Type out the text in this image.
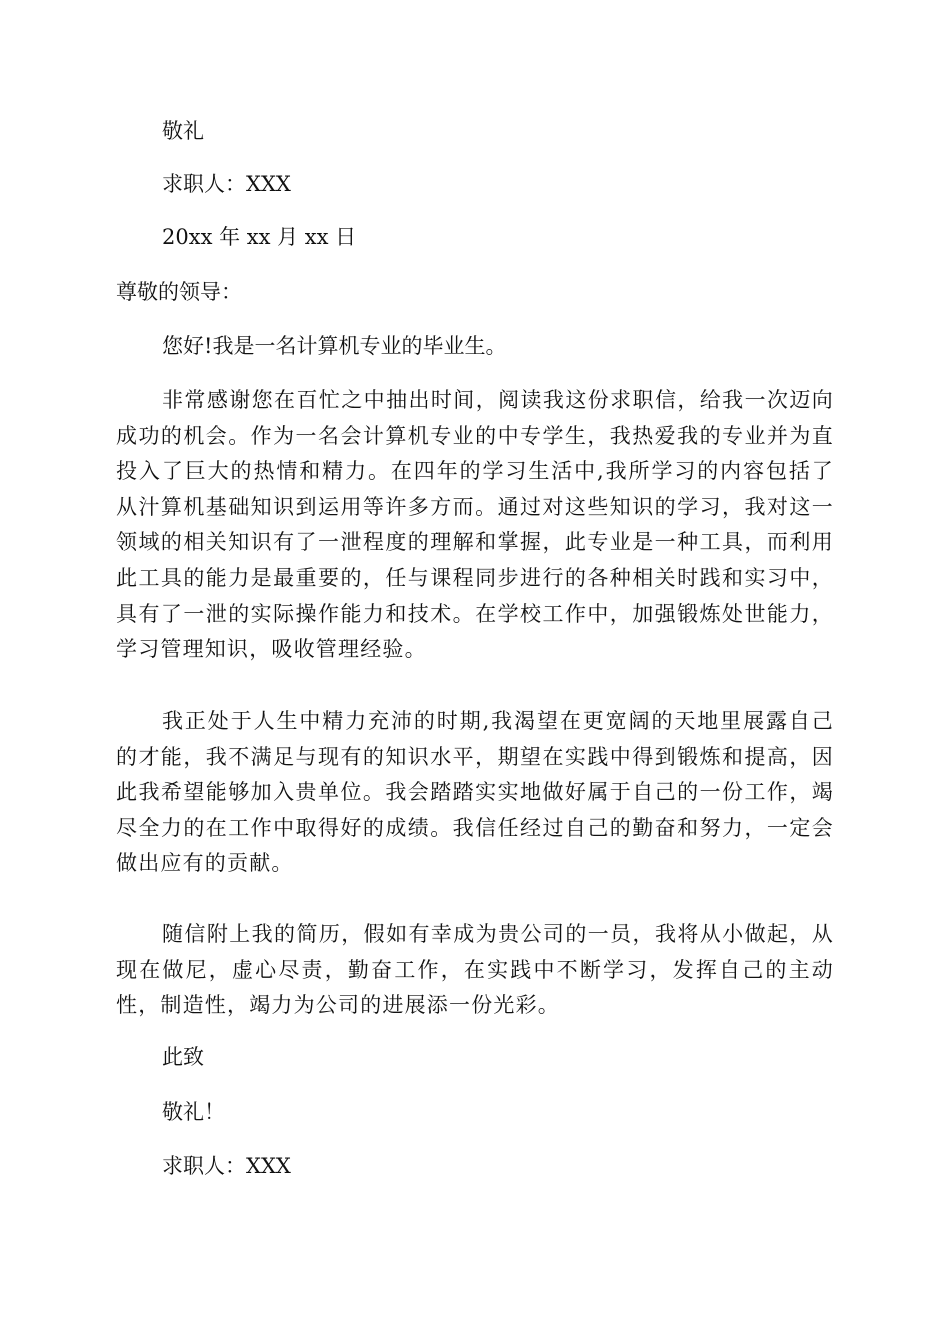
敬礼
求职人：XXX
20xx 年 xx 月 xx 日
尊敬的领导：
您好!我是一名计算机专业的毕业生。
非常感谢您在百忙之中抽出时间，阅读我这份求职信，给我一次迈向成功的机会。作为一名会计算机专业的中专学生，我热爱我的专业并为直投入了巨大的热情和精力。在四年的学习生活中,我所学习的内容包括了从汁算机基础知识到运用等许多方而。通过对这些知识的学习，我对这一领域的相关知识有了一泄程度的理解和掌握，此专业是一种工具，而利用此工具的能力是最重要的，任与课程同步进行的各种相关时践和实习中，具有了一泄的实际操作能力和技术。在学校工作中，加强锻炼处世能力，学习管理知识，吸收管理经验。
我正处于人生中精力充沛的时期,我渴望在更宽阔的天地里展露自己的才能，我不满足与现有的知识水平，期望在实践中得到锻炼和提高，因此我希望能够加入贵单位。我会踏踏实实地做好属于自己的一份工作，竭尽全力的在工作中取得好的成绩。我信任经过自己的勤奋和努力，一定会做出应有的贡献。
随信附上我的简历，假如有幸成为贵公司的一员，我将从小做起，从现在做尼，虚心尽责，勤奋工作，在实践中不断学习，发挥自己的主动性，制造性，竭力为公司的进展添一份光彩。
此致
敬礼！
求职人：XXX
